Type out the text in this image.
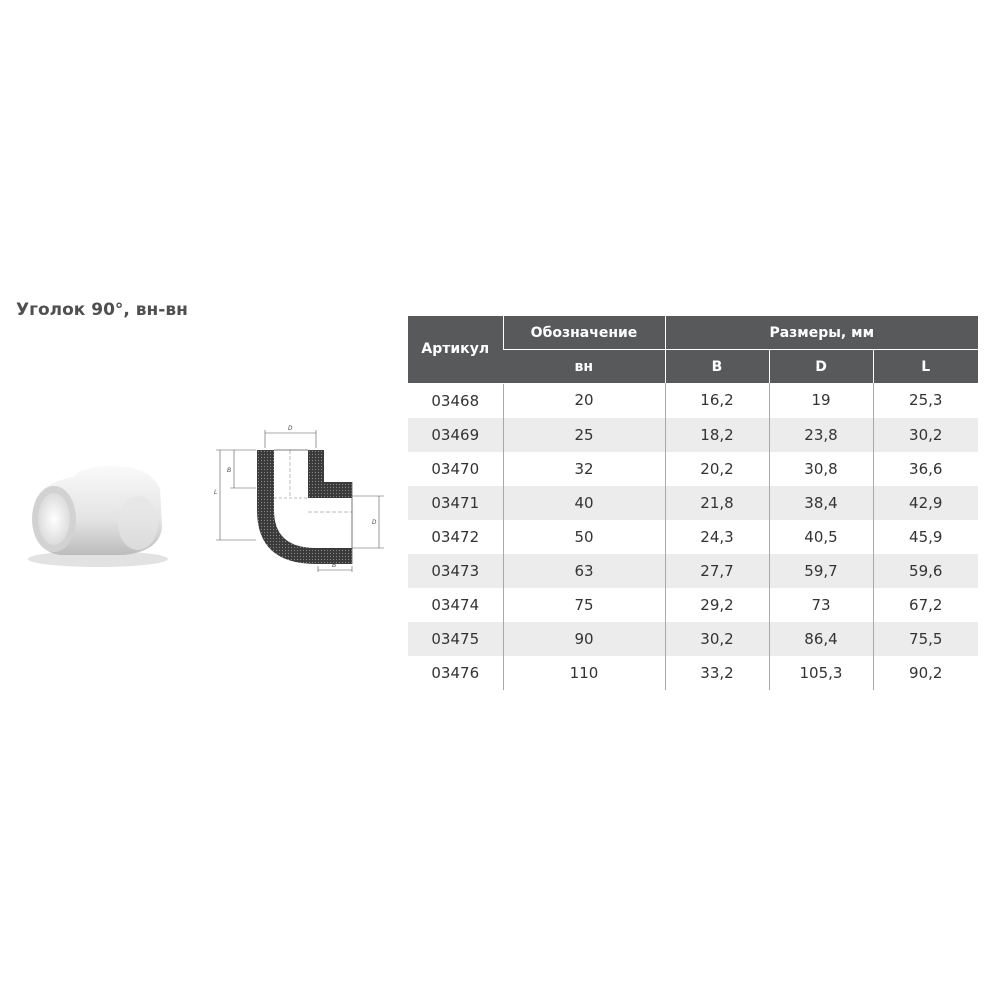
Уголок 90°, вн-вн
D
L
B
D
B
Артикул	Обозначение	Размеры, мм		
	вн	B	D	L
03468	20	16,2	19	25,3
03469	25	18,2	23,8	30,2
03470	32	20,2	30,8	36,6
03471	40	21,8	38,4	42,9
03472	50	24,3	40,5	45,9
03473	63	27,7	59,7	59,6
03474	75	29,2	73	67,2
03475	90	30,2	86,4	75,5
03476	110	33,2	105,3	90,2
